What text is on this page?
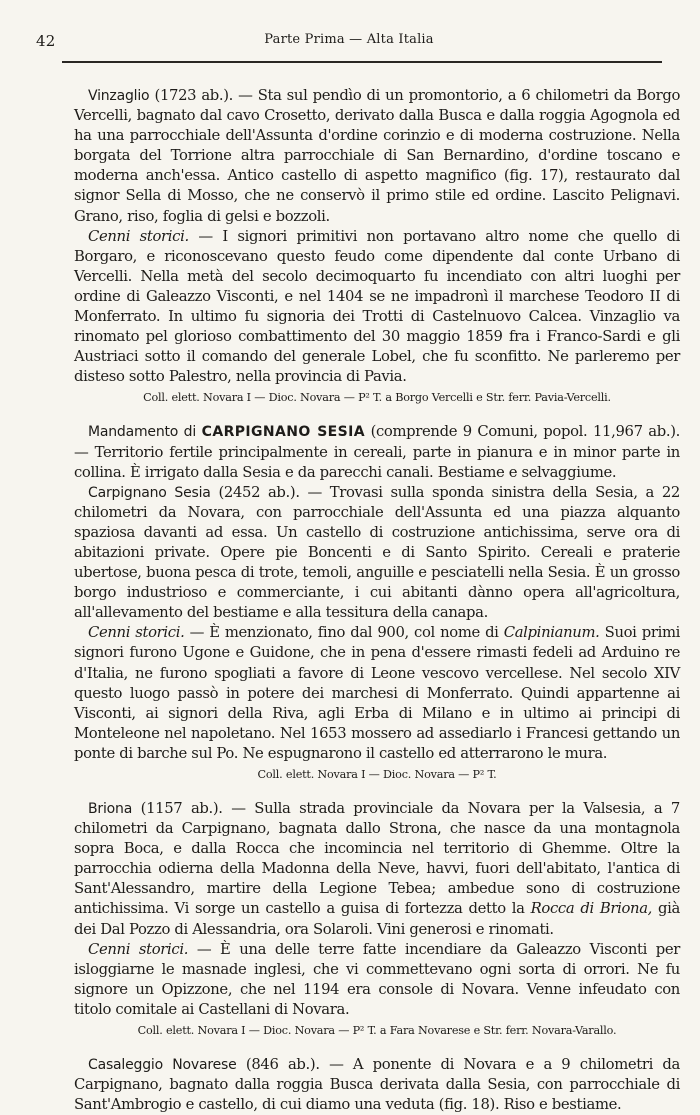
42	Parte Prima — Alta Italia

Vinzaglio (1723 ab.). — Sta sul pendìo di un promontorio, a 6 chilometri da Borgo Vercelli, bagnato dal cavo Crosetto, derivato dalla Busca e dalla roggia Agognola ed ha una parrocchiale dell'Assunta d'ordine corinzio e di moderna costruzione. Nella borgata del Torrione altra parrocchiale di San Bernardino, d'ordine toscano e moderna anch'essa. Antico castello di aspetto magnifico (fig. 17), restaurato dal signor Sella di Mosso, che ne conservò il primo stile ed ordine. Lascito Pelignavi. Grano, riso, foglia di gelsi e bozzoli.

Cenni storici. — I signori primitivi non portavano altro nome che quello di Borgaro, e riconoscevano questo feudo come dipendente dal conte Urbano di Vercelli. Nella metà del secolo decimoquarto fu incendiato con altri luoghi per ordine di Galeazzo Visconti, e nel 1404 se ne impadronì il marchese Teodoro II di Monferrato. In ultimo fu signoria dei Trotti di Castelnuovo Calcea. Vinzaglio va rinomato pel glorioso combattimento del 30 maggio 1859 fra i Franco-Sardi e gli Austriaci sotto il comando del generale Lobel, che fu sconfitto. Ne parleremo per disteso sotto Palestro, nella provincia di Pavia.

Coll. elett. Novara I — Dioc. Novara — P² T. a Borgo Vercelli e Str. ferr. Pavia-Vercelli.

Mandamento di CARPIGNANO SESIA (comprende 9 Comuni, popol. 11,967 ab.). — Territorio fertile principalmente in cereali, parte in pianura e in minor parte in collina. È irrigato dalla Sesia e da parecchi canali. Bestiame e selvaggiume.

Carpignano Sesia (2452 ab.). — Trovasi sulla sponda sinistra della Sesia, a 22 chilometri da Novara, con parrocchiale dell'Assunta ed una piazza alquanto spaziosa davanti ad essa. Un castello di costruzione antichissima, serve ora di abitazioni private. Opere pie Boncenti e di Santo Spirito. Cereali e praterie ubertose, buona pesca di trote, temoli, anguille e pesciatelli nella Sesia. È un grosso borgo industrioso e commerciante, i cui abitanti dànno opera all'agricoltura, all'allevamento del bestiame e alla tessitura della canapa.

Cenni storici. — È menzionato, fino dal 900, col nome di Calpinianum. Suoi primi signori furono Ugone e Guidone, che in pena d'essere rimasti fedeli ad Arduino re d'Italia, ne furono spogliati a favore di Leone vescovo vercellese. Nel secolo XIV questo luogo passò in potere dei marchesi di Monferrato. Quindi appartenne ai Visconti, ai signori della Riva, agli Erba di Milano e in ultimo ai principi di Monteleone nel napoletano. Nel 1653 mossero ad assediarlo i Francesi gettando un ponte di barche sul Po. Ne espugnarono il castello ed atterrarono le mura.

Coll. elett. Novara I — Dioc. Novara — P² T.

Briona (1157 ab.). — Sulla strada provinciale da Novara per la Valsesia, a 7 chilometri da Carpignano, bagnata dallo Strona, che nasce da una montagnola sopra Boca, e dalla Rocca che incomincia nel territorio di Ghemme. Oltre la parrocchia odierna della Madonna della Neve, havvi, fuori dell'abitato, l'antica di Sant'Alessandro, martire della Legione Tebea; ambedue sono di costruzione antichissima. Vi sorge un castello a guisa di fortezza detto la Rocca di Briona, già dei Dal Pozzo di Alessandria, ora Solaroli. Vini generosi e rinomati.

Cenni storici. — È una delle terre fatte incendiare da Galeazzo Visconti per isloggiarne le masnade inglesi, che vi commettevano ogni sorta di orrori. Ne fu signore un Opizzone, che nel 1194 era console di Novara. Venne infeudato con titolo comitale ai Castellani di Novara.

Coll. elett. Novara I — Dioc. Novara — P² T. a Fara Novarese e Str. ferr. Novara-Varallo.

Casaleggio Novarese (846 ab.). — A ponente di Novara e a 9 chilometri da Carpignano, bagnato dalla roggia Busca derivata dalla Sesia, con parrocchiale di Sant'Ambrogio e castello, di cui diamo una veduta (fig. 18). Riso e bestiame.
